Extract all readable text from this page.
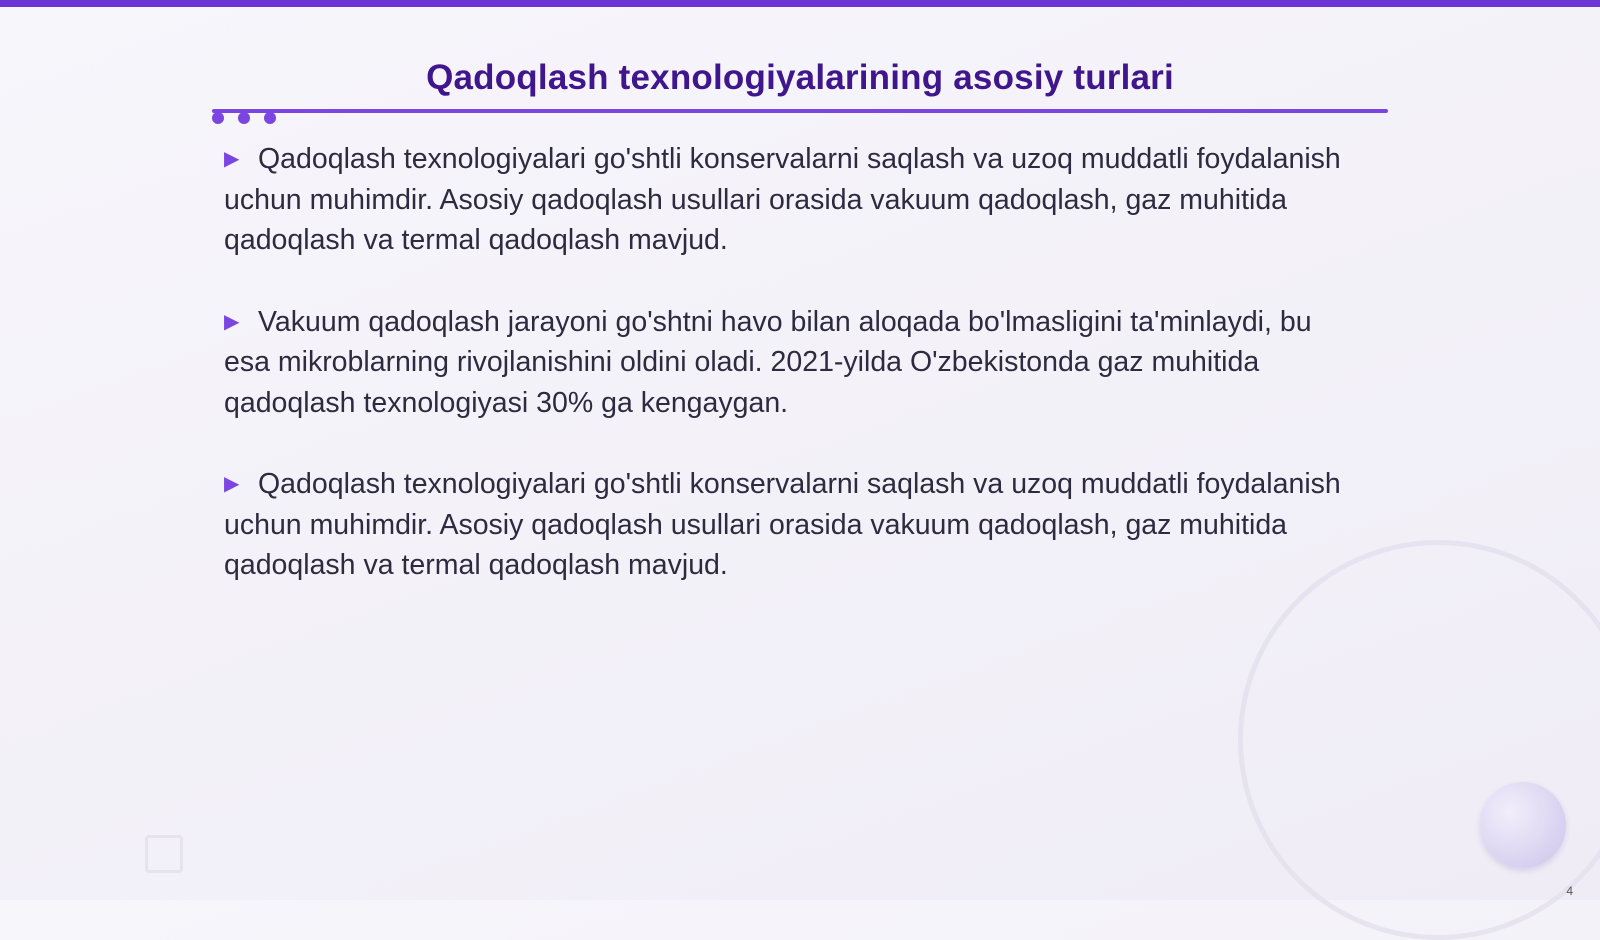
Qadoqlash texnologiyalarining asosiy turlari

▶ Qadoqlash texnologiyalari go'shtli konservalarni saqlash va uzoq muddatli foydalanish uchun muhimdir. Asosiy qadoqlash usullari orasida vakuum qadoqlash, gaz muhitida qadoqlash va termal qadoqlash mavjud.

▶ Vakuum qadoqlash jarayoni go'shtni havo bilan aloqada bo'lmasligini ta'minlaydi, bu esa mikroblarning rivojlanishini oldini oladi. 2021-yilda O'zbekistonda gaz muhitida qadoqlash texnologiyasi 30% ga kengaygan.

▶ Qadoqlash texnologiyalari go'shtli konservalarni saqlash va uzoq muddatli foydalanish uchun muhimdir. Asosiy qadoqlash usullari orasida vakuum qadoqlash, gaz muhitida qadoqlash va termal qadoqlash mavjud.

4
